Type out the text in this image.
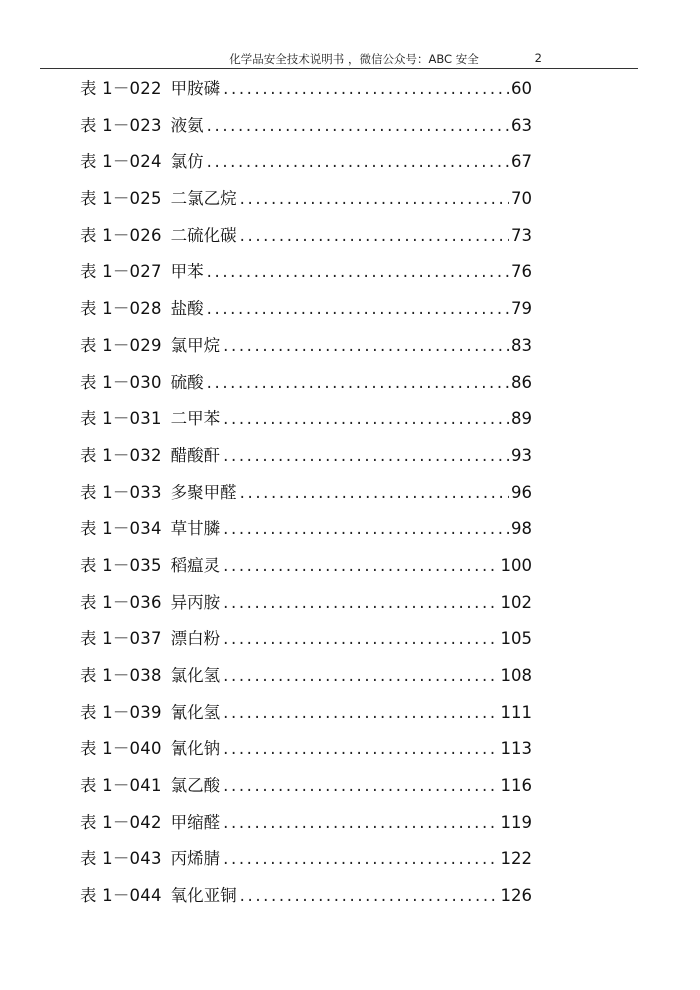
化学品安全技术说明书 ，微信公众号：ABC 安全	2
表 1－022 甲胺磷 .....	60
表 1－023 液氨 .....	63
表 1－024 氯仿 .....	67
表 1－025 二氯乙烷 .....	70
表 1－026 二硫化碳 .....	73
表 1－027 甲苯 .....	76
表 1－028 盐酸 .....	79
表 1－029 氯甲烷 .....	83
表 1－030 硫酸 .....	86
表 1－031 二甲苯 .....	89
表 1－032 醋酸酐 .....	93
表 1－033 多聚甲醛 .....	96
表 1－034 草甘膦 .....	98
表 1－035 稻瘟灵 .....	100
表 1－036 异丙胺 .....	102
表 1－037 漂白粉 .....	105
表 1－038 氯化氢 .....	108
表 1－039 氰化氢 .....	111
表 1－040 氰化钠 .....	113
表 1－041 氯乙酸 .....	116
表 1－042 甲缩醛 .....	119
表 1－043 丙烯腈 .....	122
表 1－044 氧化亚铜 .....	126
